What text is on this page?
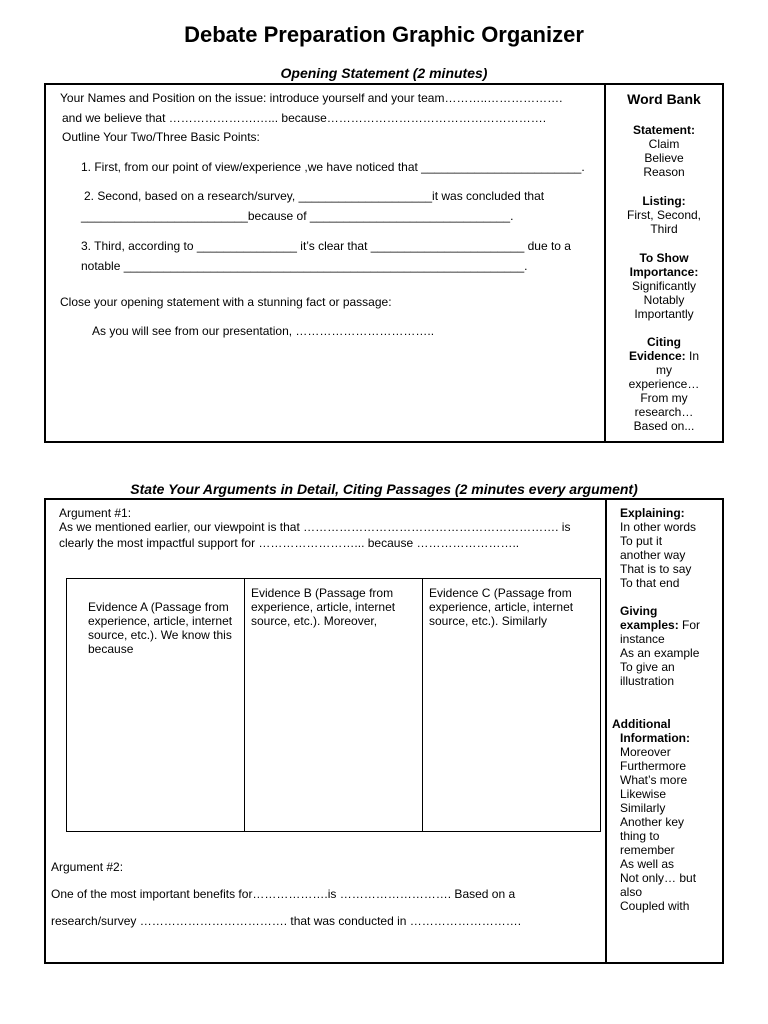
Debate Preparation Graphic Organizer
Opening Statement (2 minutes)
Your Names and Position on the issue: introduce yourself and your team………..……………….
and we believe that ………………….…... because……………………………………………….
Outline Your Two/Three Basic Points:
1. First, from our point of view/experience ,we have noticed that ________________________.
2. Second, based on a research/survey, ____________________it was concluded that
_________________________because of ______________________________.
3. Third, according to _______________ it’s clear that _______________________ due to a
notable ____________________________________________________________.
Close your opening statement with a stunning fact or passage:
As you will see from our presentation, ……………………………..
Word Bank
Statement:
Claim
Believe
Reason
Listing:
First, Second,
Third
To Show
Importance:
Significantly
Notably
Importantly
Citing
Evidence: In
my
experience…
From my
research…
Based on...
State Your Arguments in Detail, Citing Passages (2 minutes every argument)
Argument #1:
As we mentioned earlier, our viewpoint is that ………………………………………………………. is
clearly the most impactful support for ……………………... because ……………………..
Evidence A (Passage from experience, article, internet source, etc.). We know this because
Evidence B (Passage from experience, article, internet source, etc.). Moreover,
Evidence C (Passage from experience, article, internet source, etc.). Similarly
Argument #2:
One of the most important benefits for……………….is ………………………. Based on a
research/survey ………………………………. that was conducted in ……………………….
Explaining:
In other words
To put it
another way
That is to say
To that end
Giving
examples: For
instance
As an example
To give an
illustration
Additional
Information:
Moreover
Furthermore
What’s more
Likewise
Similarly
Another key
thing to
remember
As well as
Not only… but
also
Coupled with
